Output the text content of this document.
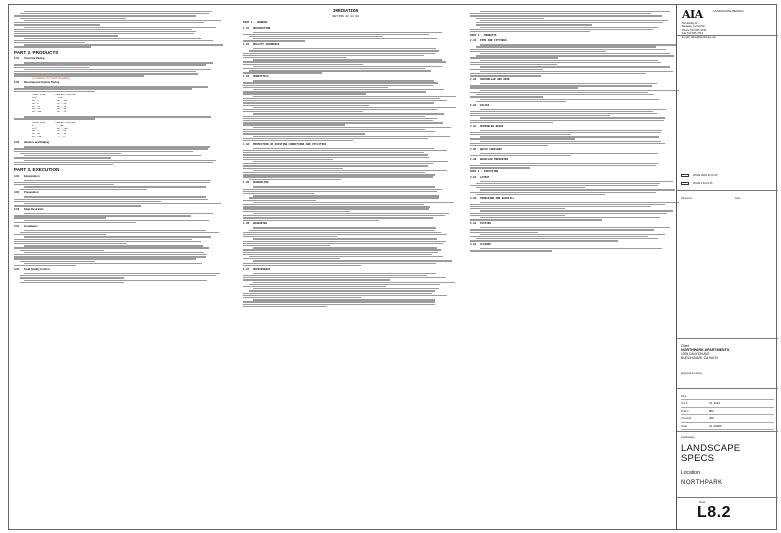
PART 2. PRODUCTS
2.01 Concrete Paving
[ a minimum of 2" depth of bedding ]
2.02 Decomposed Granite Paving
SIEVE SIZE        PERCENT PASSING
3/8"                100
No. 4              90 - 100
No. 8              75 - 90
No. 16             55 - 70
No. 30             40 - 55
No. 200            15 - 25
SIEVE SIZE        PERCENT PASSING
1"                   100
3/4"               90 - 100
No. 4              35 - 60
No. 30             10 - 30
No. 200             2 - 9
2.03 Headers and Edging
PART 3. EXECUTION
3.01 Examination
3.02 Preparation
3.03 Edge Restraints
3.04 Installation
3.05 Field Quality Control
IRRIGATION
SECTION 32 84 00
PART 1 - GENERAL
1.01 DESCRIPTION
1.02 QUALITY ASSURANCE
1.03 SUBMITTALS
1.04 PROTECTION OF EXISTING CONDITIONS AND UTILITIES
1.05 SCHEDULING
1.06 GUARANTEE
1.07 MAINTENANCE
PART 2 - PRODUCTS
2.01 PIPE AND FITTINGS
2.02 CONTROLLER AND WIRE
2.03 VALVES
2.04 SPRINKLER HEADS
2.05 QUICK COUPLERS
2.06 BACKFLOW PREVENTER
PART 3 - EXECUTION
3.01 LAYOUT
3.02 TRENCHING AND BACKFILL
3.03 TESTING
3.04 CLEANUP
AIA	LANDSCAPE DESIGN
50 Hoedtly Dr.
Berkeley, CA 94702
Phone 510 845 4136
Fax 510 845 4714
E-mail: office@landscape.net
ISSUE DATE 04-01-15
ISSUE 2 04-01-15
Revisions	Date
Client
NORTHPARK APARTMENTS
1055 CANYON AVE
BURLINGAME, CA 94010
Approved for owner
Date
Job #	CO 3088
Drawn	BNH
Checked	JEW
Scale	AS SHOWN
Landscape
LANDSCAPE
SPECS
Location
NORTHPARK
Sheet
L8.2
